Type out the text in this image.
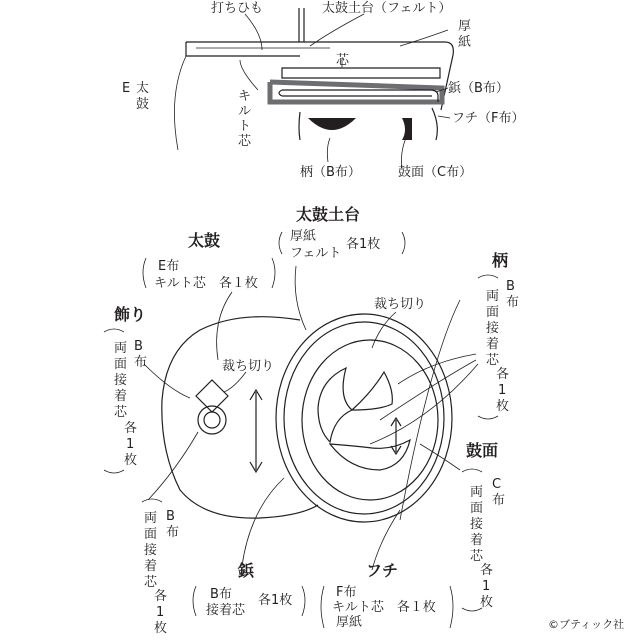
打ちひも	太鼓土台（フェルト）
厚
紙
芯
鋲（B布）
フチ（F布）
柄（B布）	鼓面（C布）
E 太
鼓
キ
ル
ト
芯
太鼓土台
厚紙
フェルト
各1枚
太鼓
E布
キルト芯　各１枚
柄
B
布
両
面
接
着
芯
各
1
枚
飾り
B
布
両
面
接
着
芯
各
1
枚
裁ち切り
裁ち切り
鼓面
C
布
両
面
接
着
芯
各
1
枚
B
布
両
面
接
着
芯
各
1
枚
鋲
B布
接着芯
各1枚
フチ
F布
キルト芯　各１枚
厚紙	©ブティック社
